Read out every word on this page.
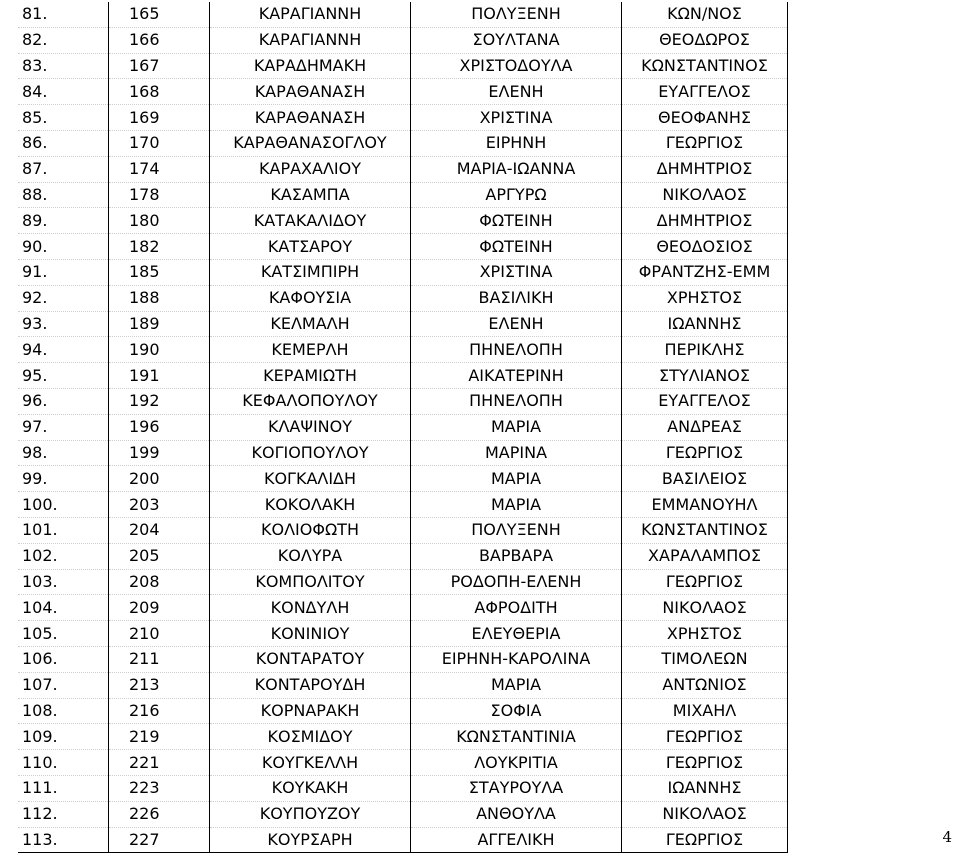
81.	165	ΚΑΡΑΓΙΑΝΝΗ	ΠΟΛΥΞΕΝΗ	ΚΩΝ/ΝΟΣ
82.	166	ΚΑΡΑΓΙΑΝΝΗ	ΣΟΥΛΤΑΝΑ	ΘΕΟΔΩΡΟΣ
83.	167	ΚΑΡΑΔΗΜΑΚΗ	ΧΡΙΣΤΟΔΟΥΛΑ	ΚΩΝΣΤΑΝΤΙΝΟΣ
84.	168	ΚΑΡΑΘΑΝΑΣΗ	ΕΛΕΝΗ	ΕΥΑΓΓΕΛΟΣ
85.	169	ΚΑΡΑΘΑΝΑΣΗ	ΧΡΙΣΤΙΝΑ	ΘΕΟΦΑΝΗΣ
86.	170	ΚΑΡΑΘΑΝΑΣΟΓΛΟΥ	ΕΙΡΗΝΗ	ΓΕΩΡΓΙΟΣ
87.	174	ΚΑΡΑΧΑΛΙΟΥ	ΜΑΡΙΑ-ΙΩΑΝΝΑ	ΔΗΜΗΤΡΙΟΣ
88.	178	ΚΑΣΑΜΠΑ	ΑΡΓΥΡΩ	ΝΙΚΟΛΑΟΣ
89.	180	ΚΑΤΑΚΑΛΙΔΟΥ	ΦΩΤΕΙΝΗ	ΔΗΜΗΤΡΙΟΣ
90.	182	ΚΑΤΣΑΡΟΥ	ΦΩΤΕΙΝΗ	ΘΕΟΔΟΣΙΟΣ
91.	185	ΚΑΤΣΙΜΠΙΡΗ	ΧΡΙΣΤΙΝΑ	ΦΡΑΝΤΖΗΣ-ΕΜΜ
92.	188	ΚΑΦΟΥΣΙΑ	ΒΑΣΙΛΙΚΗ	ΧΡΗΣΤΟΣ
93.	189	ΚΕΛΜΑΛΗ	ΕΛΕΝΗ	ΙΩΑΝΝΗΣ
94.	190	ΚΕΜΕΡΛΗ	ΠΗΝΕΛΟΠΗ	ΠΕΡΙΚΛΗΣ
95.	191	ΚΕΡΑΜΙΩΤΗ	ΑΙΚΑΤΕΡΙΝΗ	ΣΤΥΛΙΑΝΟΣ
96.	192	ΚΕΦΑΛΟΠΟΥΛΟΥ	ΠΗΝΕΛΟΠΗ	ΕΥΑΓΓΕΛΟΣ
97.	196	ΚΛΑΨΙΝΟΥ	ΜΑΡΙΑ	ΑΝΔΡΕΑΣ
98.	199	ΚΟΓΙΟΠΟΥΛΟΥ	ΜΑΡΙΝΑ	ΓΕΩΡΓΙΟΣ
99.	200	ΚΟΓΚΑΛΙΔΗ	ΜΑΡΙΑ	ΒΑΣΙΛΕΙΟΣ
100.	203	ΚΟΚΟΛΑΚΗ	ΜΑΡΙΑ	ΕΜΜΑΝΟΥΗΛ
101.	204	ΚΟΛΙΟΦΩΤΗ	ΠΟΛΥΞΕΝΗ	ΚΩΝΣΤΑΝΤΙΝΟΣ
102.	205	ΚΟΛΥΡΑ	ΒΑΡΒΑΡΑ	ΧΑΡΑΛΑΜΠΟΣ
103.	208	ΚΟΜΠΟΛΙΤΟΥ	ΡΟΔΟΠΗ-ΕΛΕΝΗ	ΓΕΩΡΓΙΟΣ
104.	209	ΚΟΝΔΥΛΗ	ΑΦΡΟΔΙΤΗ	ΝΙΚΟΛΑΟΣ
105.	210	ΚΟΝΙΝΙΟΥ	ΕΛΕΥΘΕΡΙΑ	ΧΡΗΣΤΟΣ
106.	211	ΚΟΝΤΑΡΑΤΟΥ	ΕΙΡΗΝΗ-ΚΑΡΟΛΙΝΑ	ΤΙΜΟΛΕΩΝ
107.	213	ΚΟΝΤΑΡΟΥΔΗ	ΜΑΡΙΑ	ΑΝΤΩΝΙΟΣ
108.	216	ΚΟΡΝΑΡΑΚΗ	ΣΟΦΙΑ	ΜΙΧΑΗΛ
109.	219	ΚΟΣΜΙΔΟΥ	ΚΩΝΣΤΑΝΤΙΝΙΑ	ΓΕΩΡΓΙΟΣ
110.	221	ΚΟΥΓΚΕΛΛΗ	ΛΟΥΚΡΙΤΙΑ	ΓΕΩΡΓΙΟΣ
111.	223	ΚΟΥΚΑΚΗ	ΣΤΑΥΡΟΥΛΑ	ΙΩΑΝΝΗΣ
112.	226	ΚΟΥΠΟΥΖΟΥ	ΑΝΘΟΥΛΑ	ΝΙΚΟΛΑΟΣ
113.	227	ΚΟΥΡΣΑΡΗ	ΑΓΓΕΛΙΚΗ	ΓΕΩΡΓΙΟΣ	4
